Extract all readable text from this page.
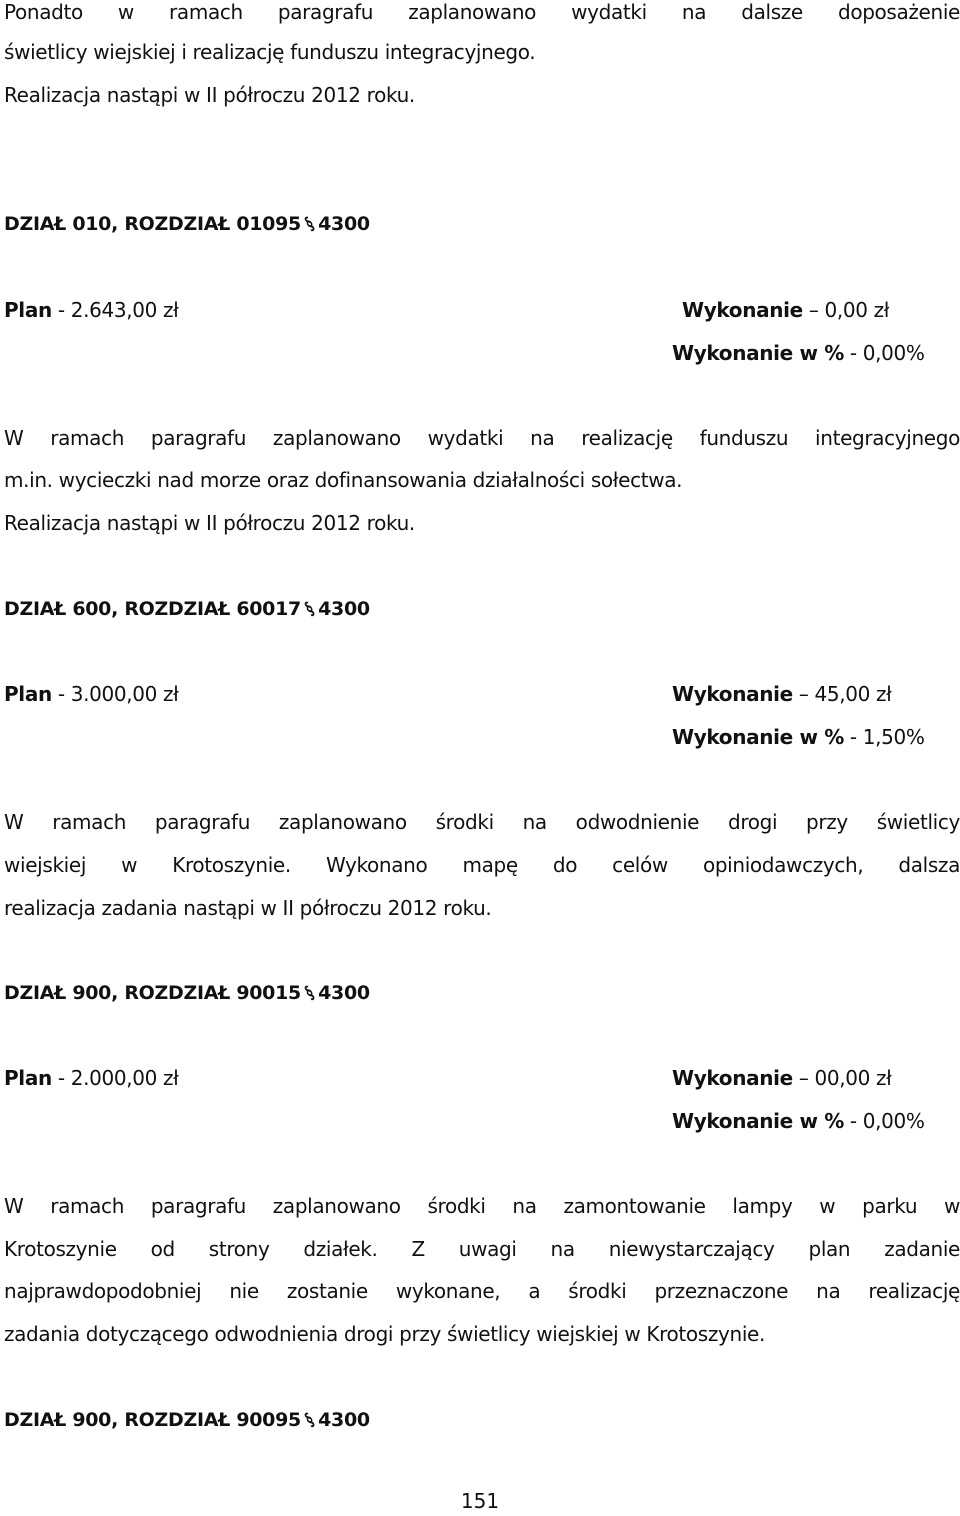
Ponadto w ramach paragrafu zaplanowano wydatki na dalsze doposażenie
świetlicy wiejskiej i realizację funduszu integracyjnego.
Realizacja nastąpi w II półroczu 2012 roku.
DZIAŁ 010, ROZDZIAŁ 01095§4300
Plan - 2.643,00 zł	Wykonanie – 0,00 zł
Wykonanie w % - 0,00%
W ramach paragrafu zaplanowano wydatki na realizację funduszu integracyjnego
m.in. wycieczki nad morze oraz dofinansowania działalności sołectwa.
Realizacja nastąpi w II półroczu 2012 roku.
DZIAŁ 600, ROZDZIAŁ 60017§4300
Plan - 3.000,00 zł	Wykonanie – 45,00 zł
Wykonanie w % - 1,50%
W ramach paragrafu zaplanowano środki na odwodnienie drogi przy świetlicy
wiejskiej w Krotoszynie. Wykonano mapę do celów opiniodawczych, dalsza
realizacja zadania nastąpi w II półroczu 2012 roku.
DZIAŁ 900, ROZDZIAŁ 90015§4300
Plan - 2.000,00 zł	Wykonanie – 00,00 zł
Wykonanie w % - 0,00%
W ramach paragrafu zaplanowano środki na zamontowanie lampy w parku w
Krotoszynie od strony działek. Z uwagi na niewystarczający plan zadanie
najprawdopodobniej nie zostanie wykonane, a środki przeznaczone na realizację
zadania dotyczącego odwodnienia drogi przy świetlicy wiejskiej w Krotoszynie.
DZIAŁ 900, ROZDZIAŁ 90095§4300
151
